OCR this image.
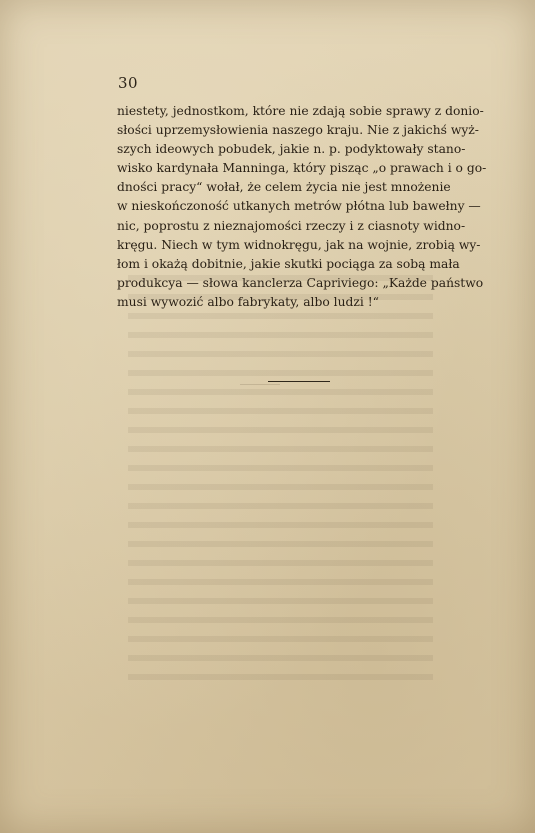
30
niestety, jednostkom, które nie zdają sobie sprawy z donio-
słości uprzemysłowienia naszego kraju. Nie z jakichś wyż-
szych ideowych pobudek, jakie n. p. podyktowały stano-
wisko kardynała Manninga, który pisząc „o prawach i o go-
dności pracy“ wołał, że celem życia nie jest mnożenie
w nieskończoność utkanych metrów płótna lub bawełny —
nic, poprostu z nieznajomości rzeczy i z ciasnoty widno-
kręgu. Niech w tym widnokręgu, jak na wojnie, zrobią wy-
łom i okażą dobitnie, jakie skutki pociąga za sobą mała
produkcya — słowa kanclerza Capriviego: „Każde państwo
musi wywozić albo fabrykaty, albo ludzi !“
